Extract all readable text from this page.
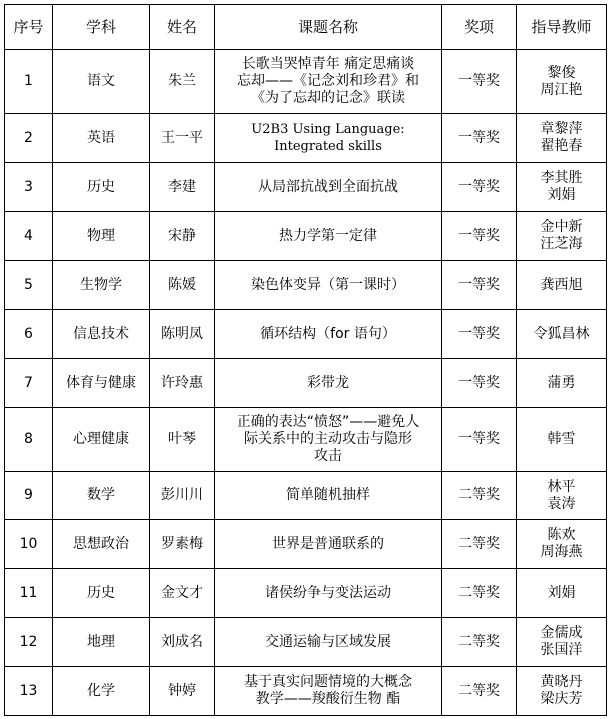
序号	学科	姓名	课题名称	奖项	指导教师
1	语文	朱兰	长歌当哭悼青年 痛定思痛谈
忘却——《记念刘和珍君》和
《为了忘却的记念》联读	一等奖	黎俊
周江艳

2	英语	王一平	U2B3 Using Language:
Integrated skills	一等奖	章黎萍
翟艳春

3	历史	李建	从局部抗战到全面抗战	一等奖	李其胜
刘娟

4	物理	宋静	热力学第一定律	一等奖	金中新
汪芝海

5	生物学	陈媛	染色体变异（第一课时）	一等奖	龚西旭

6	信息技术	陈明凤	循环结构（for 语句）	一等奖	令狐昌林

7	体育与健康	许玲惠	彩带龙	一等奖	蒲勇

8	心理健康	叶琴	正确的表达“愤怒”——避免人
际关系中的主动攻击与隐形
攻击	一等奖	韩雪

9	数学	彭川川	简单随机抽样	二等奖	林平
袁涛

10	思想政治	罗素梅	世界是普通联系的	二等奖	陈欢
周海燕

11	历史	金文才	诸侯纷争与变法运动	二等奖	刘娟

12	地理	刘成名	交通运输与区域发展	二等奖	金儒成
张国洋

13	化学	钟婷	基于真实问题情境的大概念
教学——羧酸衍生物 酯	二等奖	黄晓丹
梁庆芳
